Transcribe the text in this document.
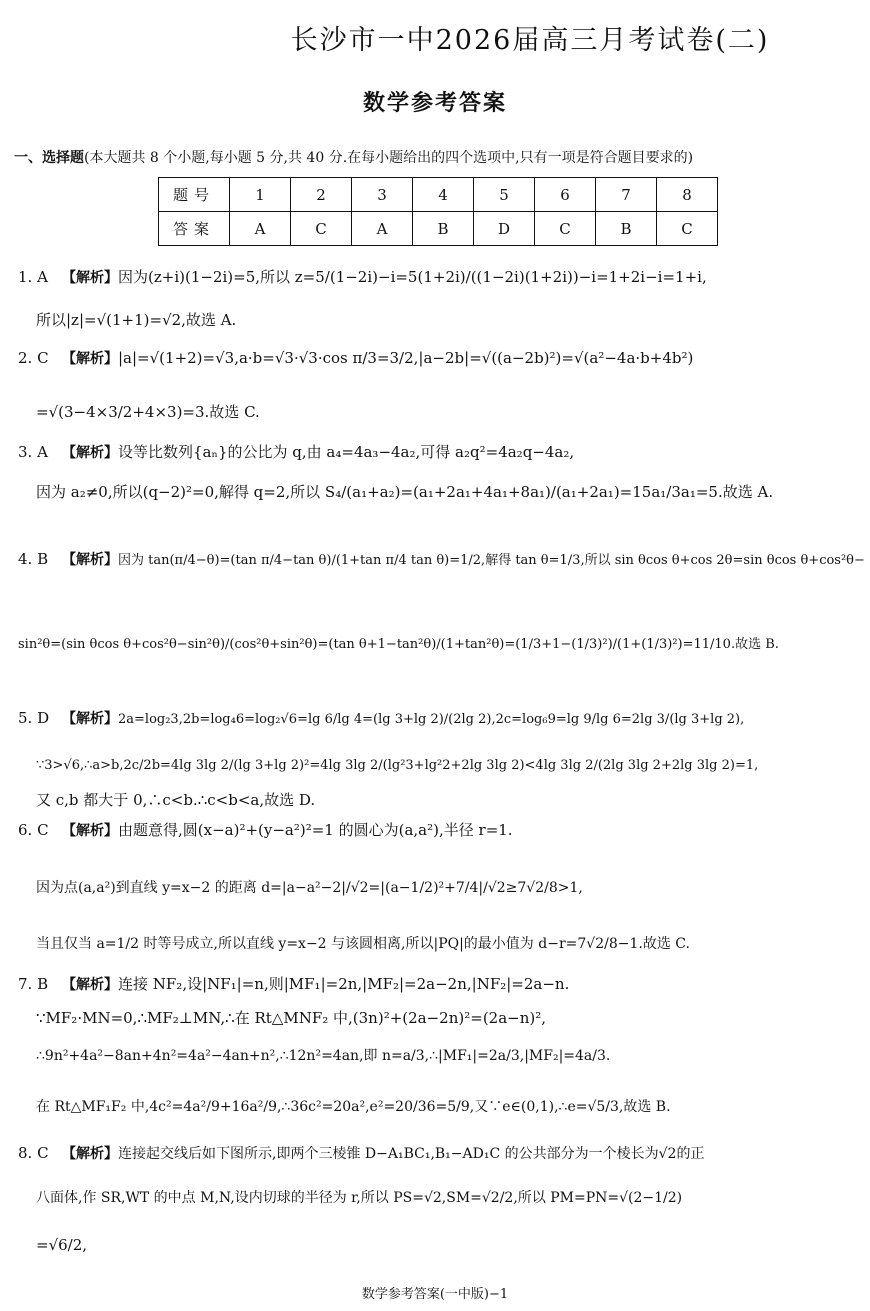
长沙市一中2026届高三月考试卷(二)
数学参考答案
一、选择题(本大题共 8 个小题,每小题 5 分,共 40 分.在每小题给出的四个选项中,只有一项是符合题目要求的)
题号	1	2	3	4	5	6	7	8
答案	A	C	A	B	D	C	B	C
1. A 【解析】因为(z+i)(1−2i)=5,所以 z=5/(1−2i)−i=5(1+2i)/((1−2i)(1+2i))−i=1+2i−i=1+i,
所以|z|=√(1+1)=√2,故选 A.
2. C 【解析】|a|=√(1+2)=√3,a·b=√3·√3·cos π/3=3/2,|a−2b|=√((a−2b)²)=√(a²−4a·b+4b²)
=√(3−4×3/2+4×3)=3.故选 C.
3. A 【解析】设等比数列{aₙ}的公比为 q,由 a₄=4a₃−4a₂,可得 a₂q²=4a₂q−4a₂,
因为 a₂≠0,所以(q−2)²=0,解得 q=2,所以 S₄/(a₁+a₂)=(a₁+2a₁+4a₁+8a₁)/(a₁+2a₁)=15a₁/3a₁=5.故选 A.
4. B 【解析】因为 tan(π/4−θ)=(tan π/4−tan θ)/(1+tan π/4 tan θ)=1/2,解得 tan θ=1/3,所以 sin θcos θ+cos 2θ=sin θcos θ+cos²θ−
sin²θ=(sin θcos θ+cos²θ−sin²θ)/(cos²θ+sin²θ)=(tan θ+1−tan²θ)/(1+tan²θ)=(1/3+1−(1/3)²)/(1+(1/3)²)=11/10.故选 B.
5. D 【解析】2a=log₂3,2b=log₄6=log₂√6=lg 6/lg 4=(lg 3+lg 2)/(2lg 2),2c=log₆9=lg 9/lg 6=2lg 3/(lg 3+lg 2),
∵3>√6,∴a>b,2c/2b=4lg 3lg 2/(lg 3+lg 2)²=4lg 3lg 2/(lg²3+lg²2+2lg 3lg 2)<4lg 3lg 2/(2lg 3lg 2+2lg 3lg 2)=1,
又 c,b 都大于 0,∴c<b.∴c<b<a,故选 D.
6. C 【解析】由题意得,圆(x−a)²+(y−a²)²=1 的圆心为(a,a²),半径 r=1.
因为点(a,a²)到直线 y=x−2 的距离 d=|a−a²−2|/√2=|(a−1/2)²+7/4|/√2≥7√2/8>1,
当且仅当 a=1/2 时等号成立,所以直线 y=x−2 与该圆相离,所以|PQ|的最小值为 d−r=7√2/8−1.故选 C.
7. B 【解析】连接 NF₂,设|NF₁|=n,则|MF₁|=2n,|MF₂|=2a−2n,|NF₂|=2a−n.
∵MF₂·MN=0,∴MF₂⊥MN,∴在 Rt△MNF₂ 中,(3n)²+(2a−2n)²=(2a−n)²,
∴9n²+4a²−8an+4n²=4a²−4an+n²,∴12n²=4an,即 n=a/3,∴|MF₁|=2a/3,|MF₂|=4a/3.
在 Rt△MF₁F₂ 中,4c²=4a²/9+16a²/9,∴36c²=20a²,e²=20/36=5/9,又∵e∈(0,1),∴e=√5/3,故选 B.
8. C 【解析】连接起交线后如下图所示,即两个三棱锥 D−A₁BC₁,B₁−AD₁C 的公共部分为一个棱长为√2的正
八面体,作 SR,WT 的中点 M,N,设内切球的半径为 r,所以 PS=√2,SM=√2/2,所以 PM=PN=√(2−1/2)
=√6/2,
数学参考答案(一中版)−1
